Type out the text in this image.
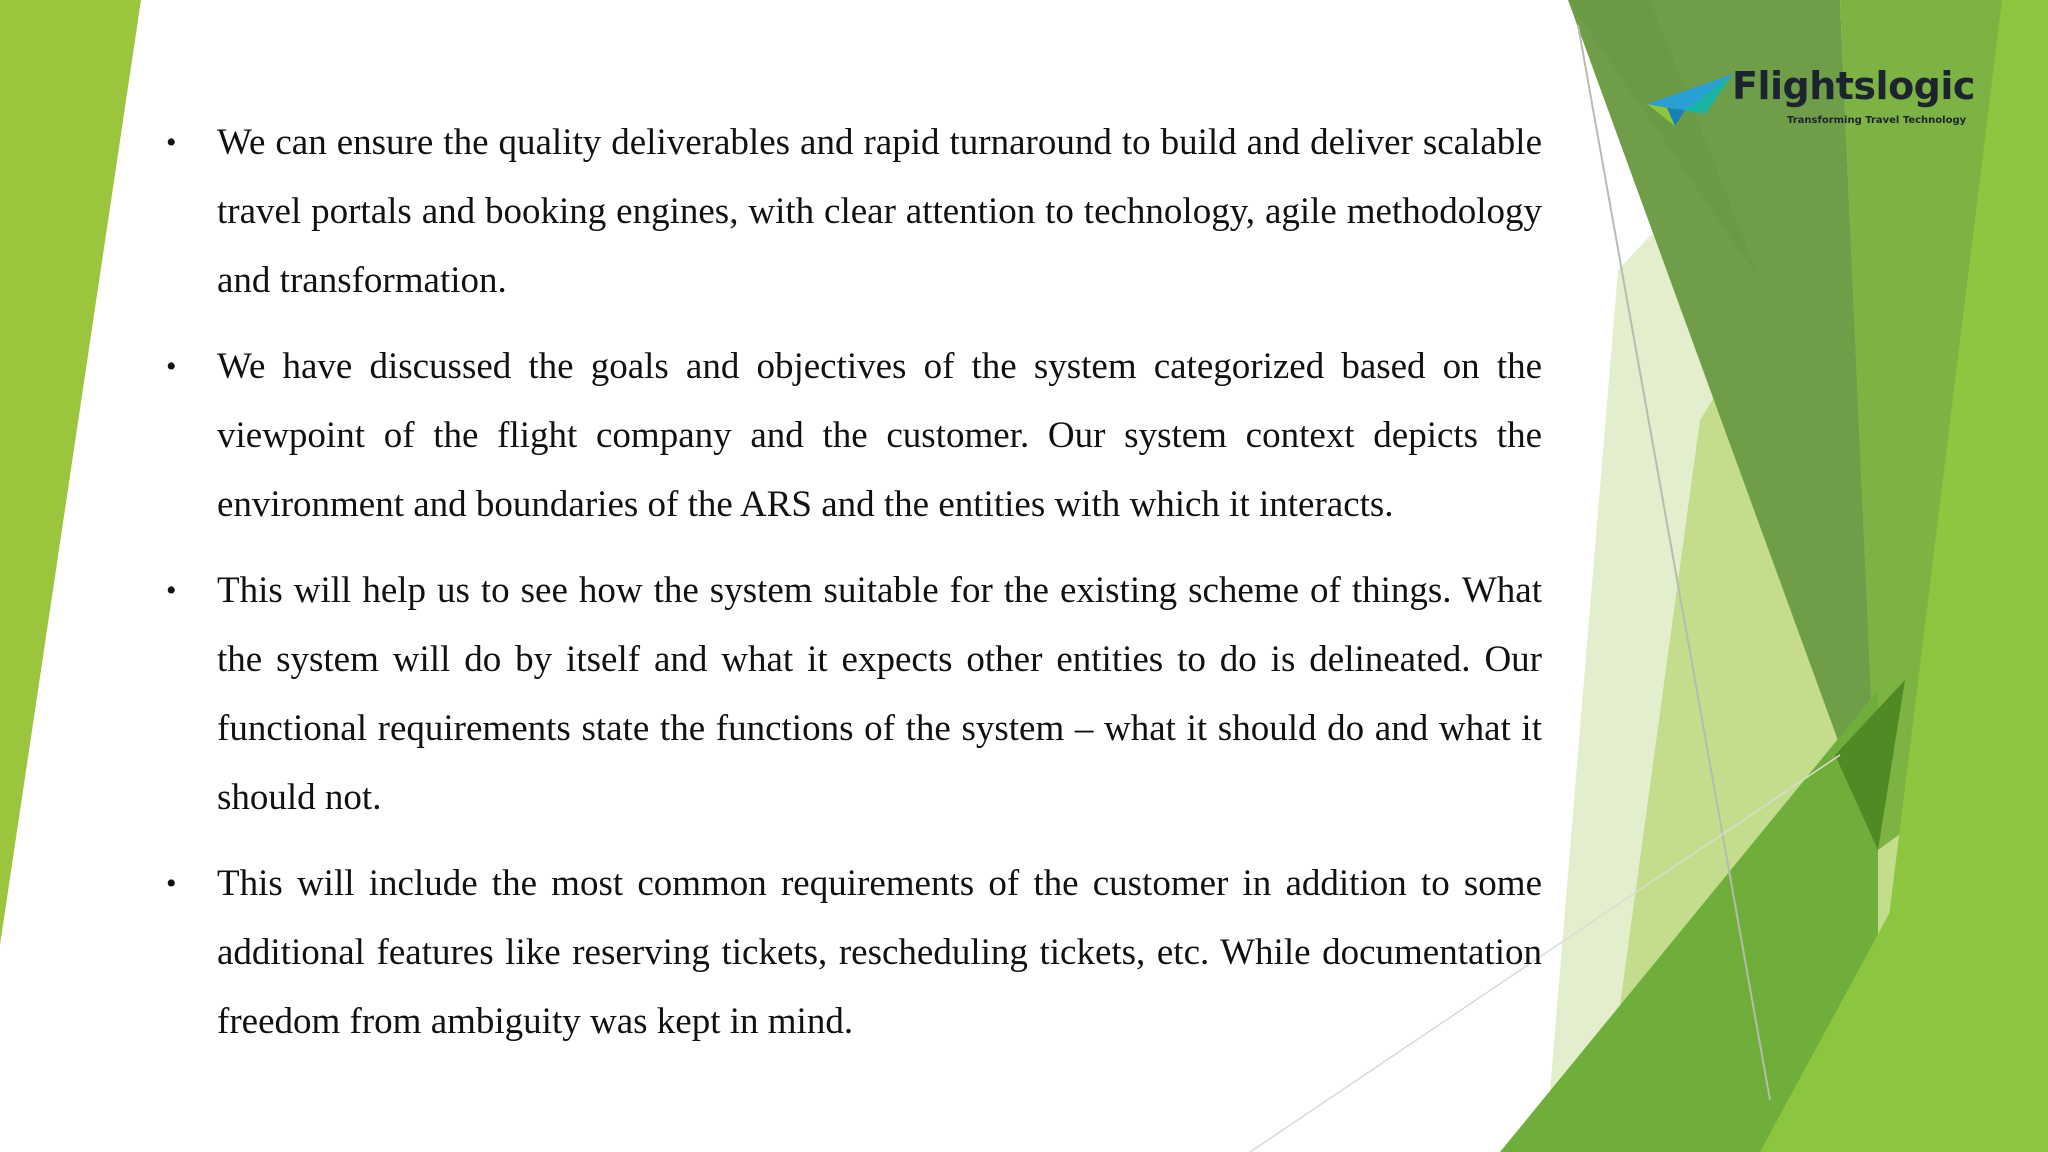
Flightslogic
Transforming Travel Technology
• We can ensure the quality deliverables and rapid turnaround to build and deliver scalable travel portals and booking engines, with clear attention to technology, agile methodology and transformation.
• We have discussed the goals and objectives of the system categorized based on the viewpoint of the flight company and the customer. Our system context depicts the environment and boundaries of the ARS and the entities with which it interacts.
• This will help us to see how the system suitable for the existing scheme of things. What the system will do by itself and what it expects other entities to do is delineated. Our functional requirements state the functions of the system – what it should do and what it should not.
• This will include the most common requirements of the customer in addition to some additional features like reserving tickets, rescheduling tickets, etc. While documentation freedom from ambiguity was kept in mind.
